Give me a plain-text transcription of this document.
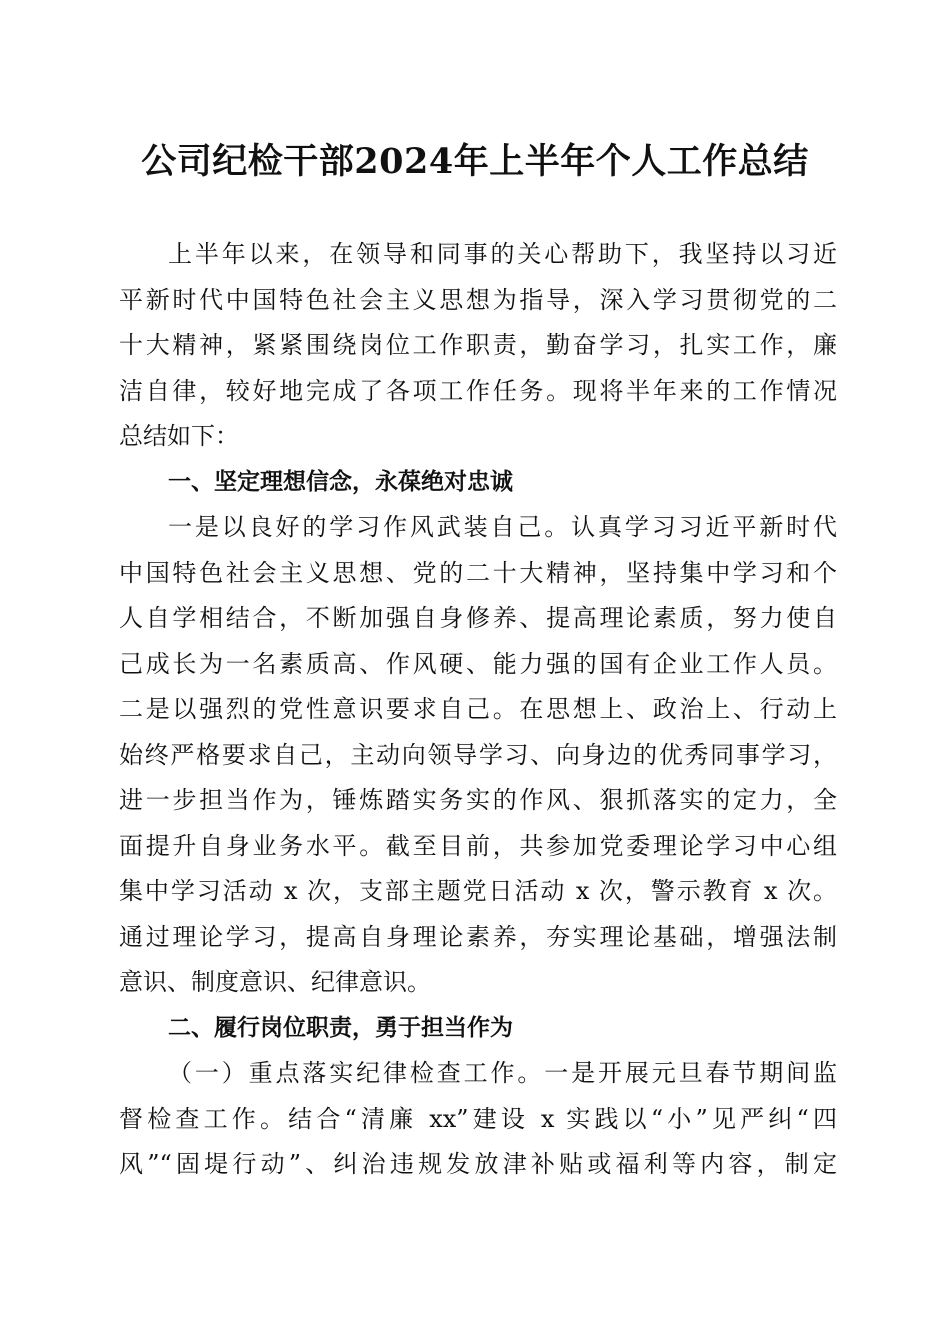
公司纪检干部2024年上半年个人工作总结
上半年以来，在领导和同事的关心帮助下，我坚持以习近
平新时代中国特色社会主义思想为指导，深入学习贯彻党的二
十大精神，紧紧围绕岗位工作职责，勤奋学习，扎实工作，廉
洁自律，较好地完成了各项工作任务。现将半年来的工作情况
总结如下：
一、坚定理想信念，永葆绝对忠诚
一是以良好的学习作风武装自己。认真学习习近平新时代
中国特色社会主义思想、党的二十大精神，坚持集中学习和个
人自学相结合，不断加强自身修养、提高理论素质，努力使自
己成长为一名素质高、作风硬、能力强的国有企业工作人员。
二是以强烈的党性意识要求自己。在思想上、政治上、行动上
始终严格要求自己，主动向领导学习、向身边的优秀同事学习，
进一步担当作为，锤炼踏实务实的作风、狠抓落实的定力，全
面提升自身业务水平。截至目前，共参加党委理论学习中心组
集中学习活动 x 次，支部主题党日活动 x 次，警示教育 x 次。
通过理论学习，提高自身理论素养，夯实理论基础，增强法制
意识、制度意识、纪律意识。
二、履行岗位职责，勇于担当作为
（一）重点落实纪律检查工作。一是开展元旦春节期间监
督检查工作。结合“清廉 xx”建设 x 实践以“小”见严纠“四
风”“固堤行动”、纠治违规发放津补贴或福利等内容，制定
